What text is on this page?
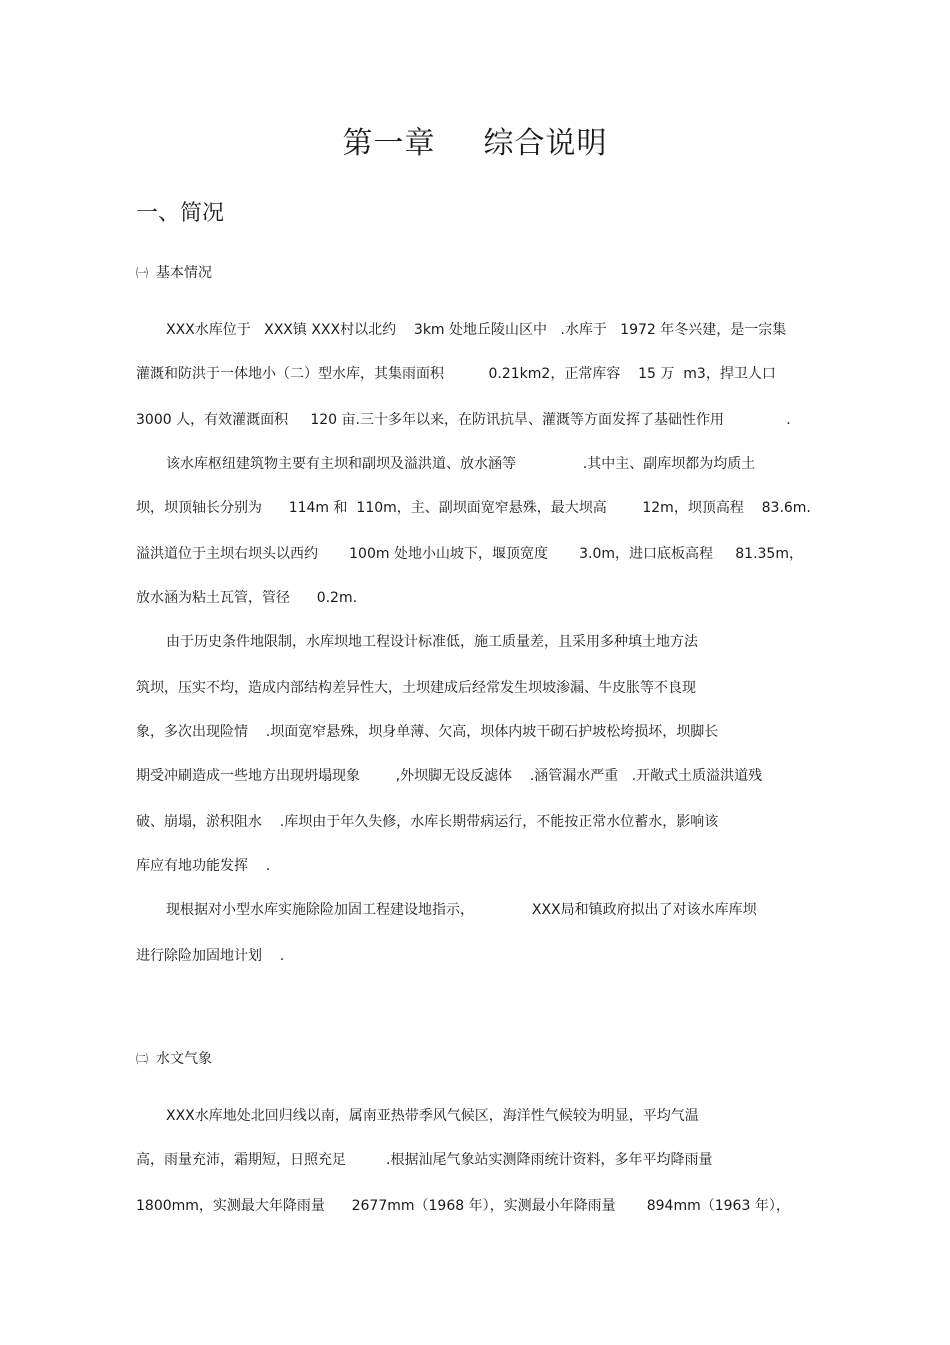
第一章 综合说明
一、简况
㈠ 基本情况

XXX水库位于   XXX镇 XXX村以北约    3km 处地丘陵山区中   .水库于   1972 年冬兴建，是一宗集

灌溉和防洪于一体地小（二）型水库，其集雨面积          0.21km2，正常库容    15 万  m3，捍卫人口

3000 人，有效灌溉面积     120 亩.三十多年以来，在防讯抗旱、灌溉等方面发挥了基础性作用              .

该水库枢纽建筑物主要有主坝和副坝及溢洪道、放水涵等               .其中主、副库坝都为均质土

坝，坝顶轴长分别为      114m 和  110m，主、副坝面宽窄悬殊，最大坝高        12m，坝顶高程    83.6m.

溢洪道位于主坝右坝头以西约       100m 处地小山坡下，堰顶宽度       3.0m，进口底板高程     81.35m，

放水涵为粘土瓦管，管径      0.2m.

由于历史条件地限制，水库坝地工程设计标准低，施工质量差，且采用多种填土地方法

筑坝，压实不均，造成内部结构差异性大，土坝建成后经常发生坝坡渗漏、牛皮胀等不良现

象，多次出现险情    .坝面宽窄悬殊，坝身单薄、欠高，坝体内坡干砌石护坡松垮损坏，坝脚长

期受冲刷造成一些地方出现坍塌现象        ,外坝脚无设反滤体    .涵管漏水严重   .开敞式土质溢洪道残

破、崩塌，淤积阻水    .库坝由于年久失修，水库长期带病运行，不能按正常水位蓄水，影响该

库应有地功能发挥    .

现根据对小型水库实施除险加固工程建设地指示，             XXX局和镇政府拟出了对该水库库坝

进行除险加固地计划    .

㈡ 水文气象

XXX水库地处北回归线以南，属南亚热带季风气候区，海洋性气候较为明显，平均气温

高，雨量充沛，霜期短，日照充足         .根据汕尾气象站实测降雨统计资料，多年平均降雨量

1800mm，实测最大年降雨量      2677mm（1968 年），实测最小年降雨量       894mm（1963 年），
